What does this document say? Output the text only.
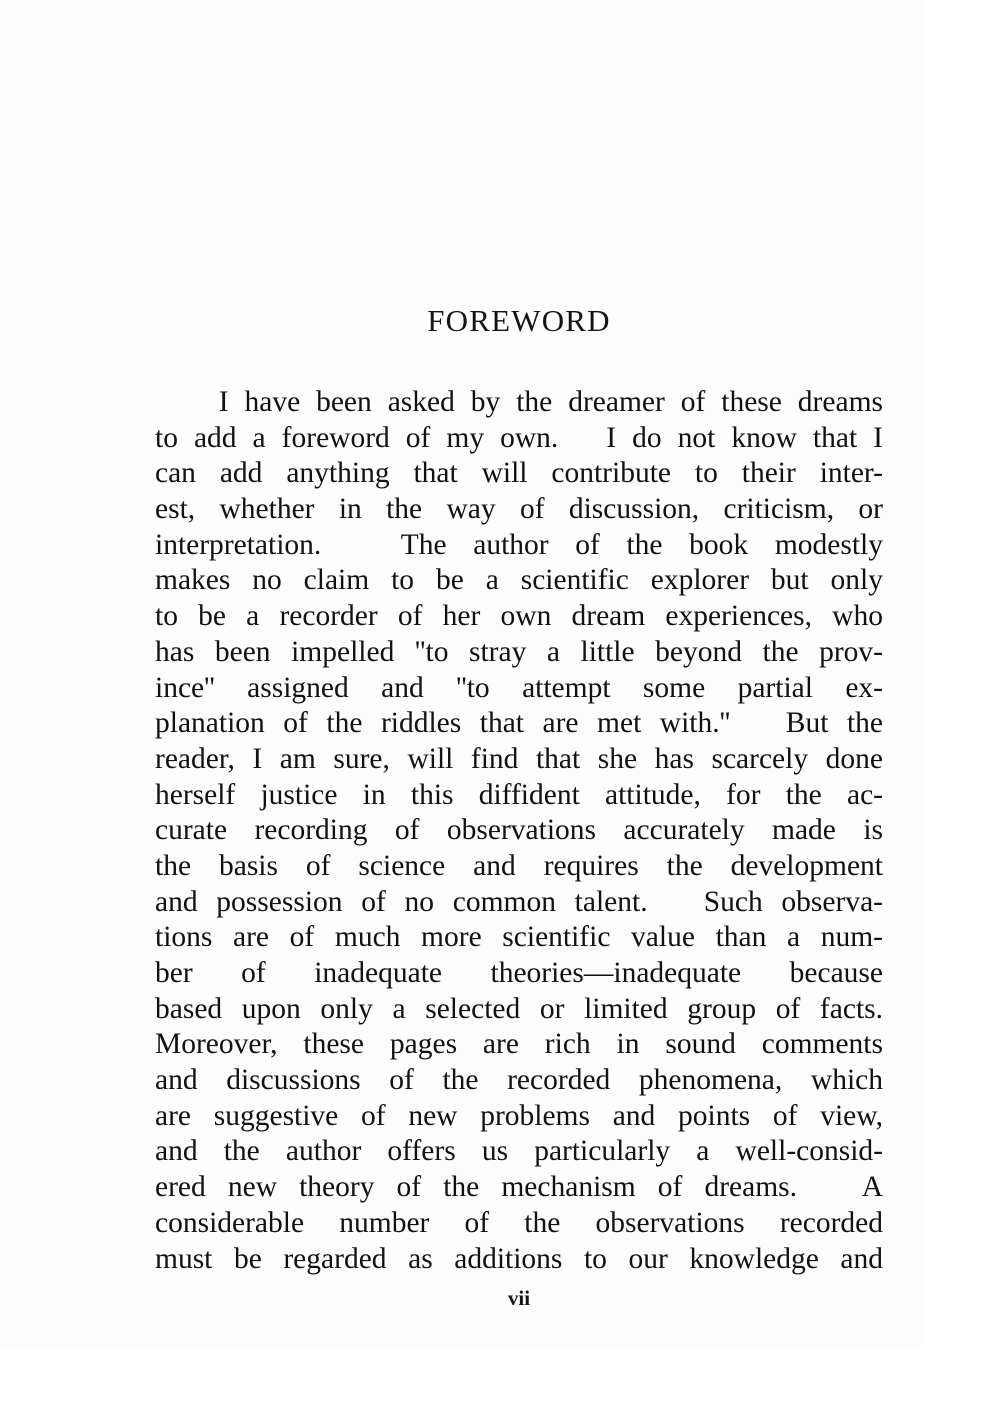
FOREWORD
I have been asked by the dreamer of these dreams
to add a foreword of my own.   I do not know that I
can add anything that will contribute to their inter-
est, whether in the way of discussion, criticism, or
interpretation.   The author of the book modestly
makes no claim to be a scientific explorer but only
to be a recorder of her own dream experiences, who
has been impelled ''to stray a little beyond the prov-
ince'' assigned and ''to attempt some partial ex-
planation of the riddles that are met with.''   But the
reader, I am sure, will find that she has scarcely done
herself justice in this diffident attitude, for the ac-
curate recording of observations accurately made is
the basis of science and requires the development
and possession of no common talent.   Such observa-
tions are of much more scientific value than a num-
ber of inadequate theories—inadequate because
based upon only a selected or limited group of facts.
Moreover, these pages are rich in sound comments
and discussions of the recorded phenomena, which
are suggestive of new problems and points of view,
and the author offers us particularly a well-consid-
ered new theory of the mechanism of dreams.   A
considerable number of the observations recorded
must be regarded as additions to our knowledge and
vii
